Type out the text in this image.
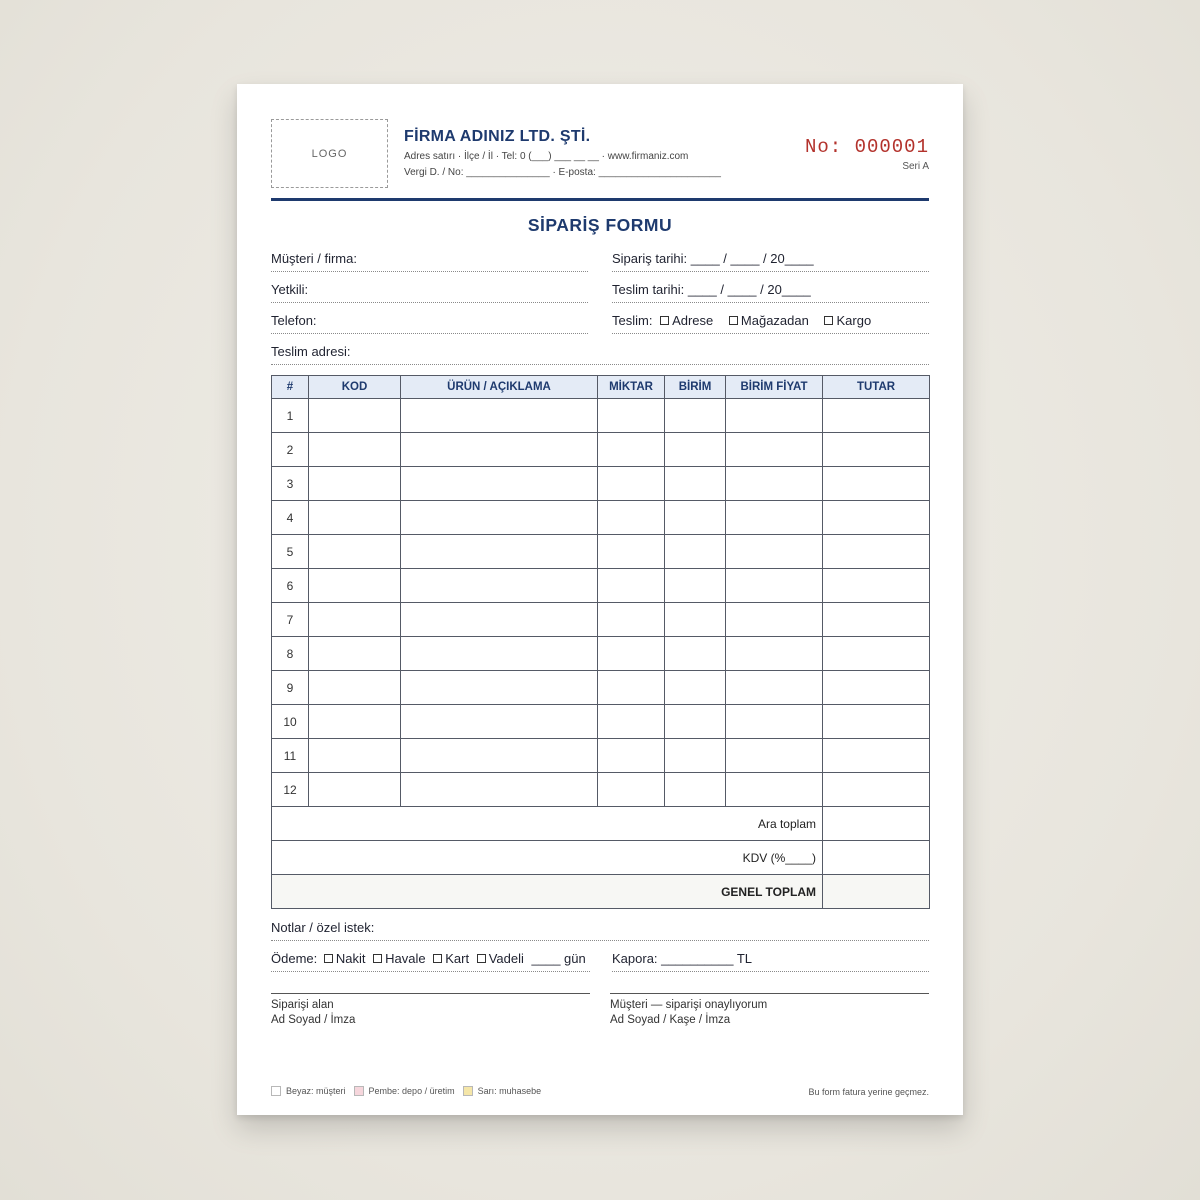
LOGO
FİRMA ADINIZ LTD. ŞTİ.
Adres satırı · İlçe / İl · Tel: 0 (___) ___ __ __ · www.firmaniz.com
Vergi D. / No: _______________ · E-posta: ______________________
No: 000001
Seri A
SİPARİŞ FORMU
Müşteri / firma:	Sipariş tarihi: ____ / ____ / 20____
Yetkili:	Teslim tarihi: ____ / ____ / 20____
Telefon:	Teslim: Adrese Mağazadan Kargo
Teslim adresi:
#	KOD	ÜRÜN / AÇIKLAMA	MİKTAR	BİRİM	BİRİM FİYAT	TUTAR
1						
2						
3						
4						
5						
6						
7						
8						
9						
10						
11						
12						
Ara toplam						
KDV (%____)						
GENEL TOPLAM						
Notlar / özel istek:
Ödeme: Nakit Havale Kart Vadeli ____ gün	Kapora: __________ TL
Siparişi alan
Ad Soyad / İmza
Müşteri — siparişi onaylıyorum
Ad Soyad / Kaşe / İmza
Beyaz: müşteri	Pembe: depo / üretim	Sarı: muhasebe	Bu form fatura yerine geçmez.
